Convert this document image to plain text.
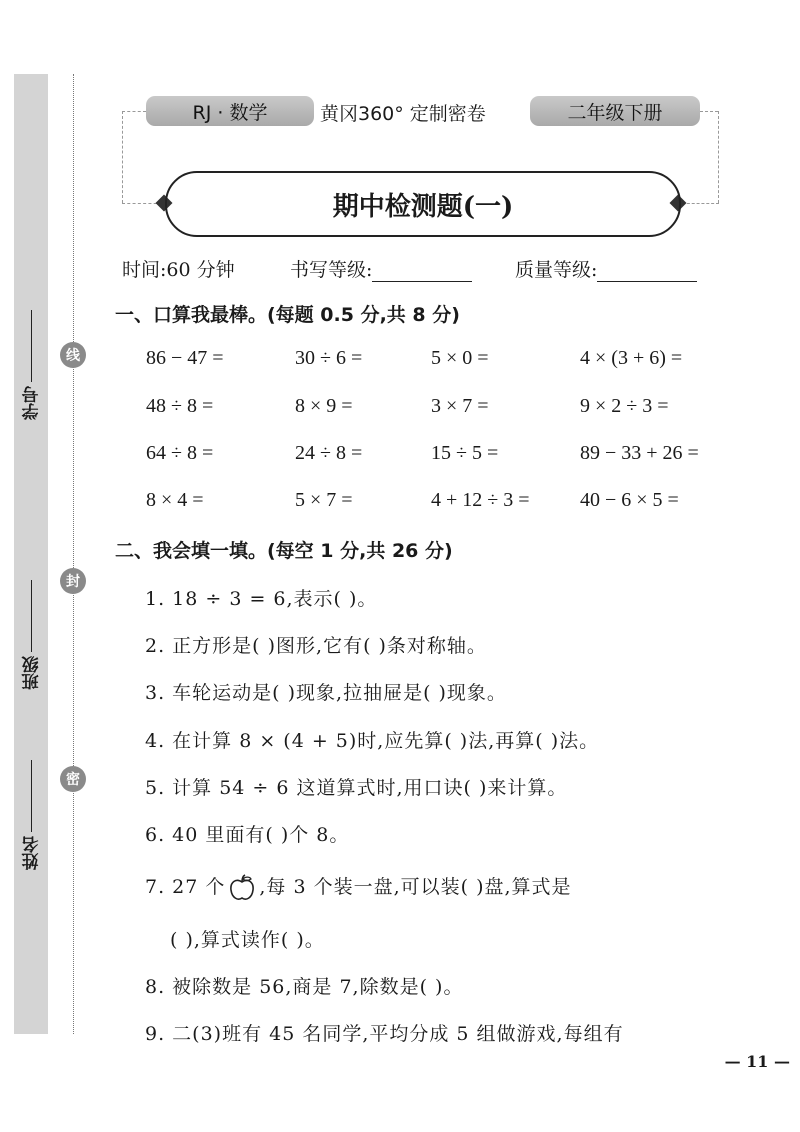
学号
班级
姓名
线
封
密
RJ · 数学	黄冈360° 定制密卷	二年级下册
期中检测题(一)
时间:60 分钟	书写等级:	质量等级:
一、口算我最棒。(每题 0.5 分,共 8 分)
86 − 47 =	30 ÷ 6 =	5 × 0 =	4 × (3 + 6) =
48 ÷ 8 =	8 × 9 =	3 × 7 =	9 × 2 ÷ 3 =
64 ÷ 8 =	24 ÷ 8 =	15 ÷ 5 =	89 − 33 + 26 =
8 × 4 =	5 × 7 =	4 + 12 ÷ 3 =	40 − 6 × 5 =
二、我会填一填。(每空 1 分,共 26 分)
1. 18 ÷ 3 = 6,表示( )。
2. 正方形是( )图形,它有( )条对称轴。
3. 车轮运动是( )现象,拉抽屉是( )现象。
4. 在计算 8 × (4 + 5)时,应先算( )法,再算( )法。
5. 计算 54 ÷ 6 这道算式时,用口诀( )来计算。
6. 40 里面有( )个 8。
7. 27 个 ,每 3 个装一盘,可以装( )盘,算式是
( ),算式读作( )。
8. 被除数是 56,商是 7,除数是( )。
9. 二(3)班有 45 名同学,平均分成 5 组做游戏,每组有
— 11 —
